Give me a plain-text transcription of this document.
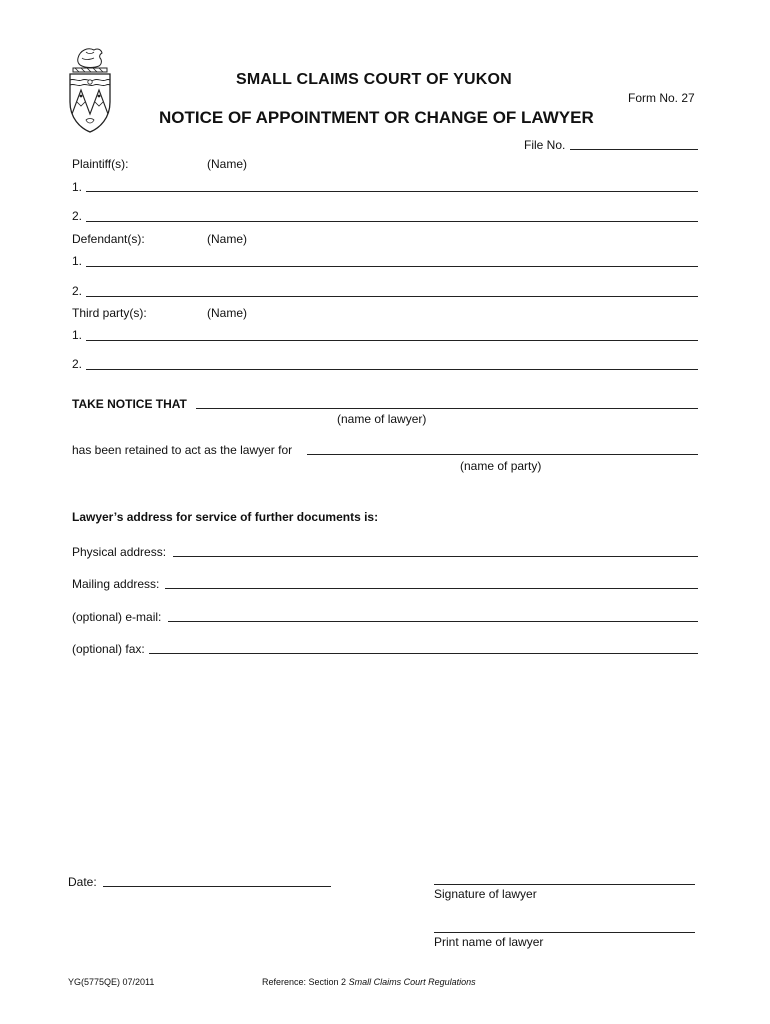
SMALL CLAIMS COURT OF YUKON
Form No. 27
NOTICE OF APPOINTMENT OR CHANGE OF LAWYER
File No.
Plaintiff(s):	(Name)
1.
2.
Defendant(s):	(Name)
1.
2.
Third party(s):	(Name)
1.
2.
TAKE NOTICE THAT
(name of lawyer)
has been retained to act as the lawyer for
(name of party)
Lawyer’s address for service of further documents is:
Physical address:
Mailing address:
(optional) e-mail:
(optional) fax:
Date:
Signature of lawyer
Print name of lawyer
YG(5775QE) 07/2011	Reference: Section 2 Small Claims Court Regulations
